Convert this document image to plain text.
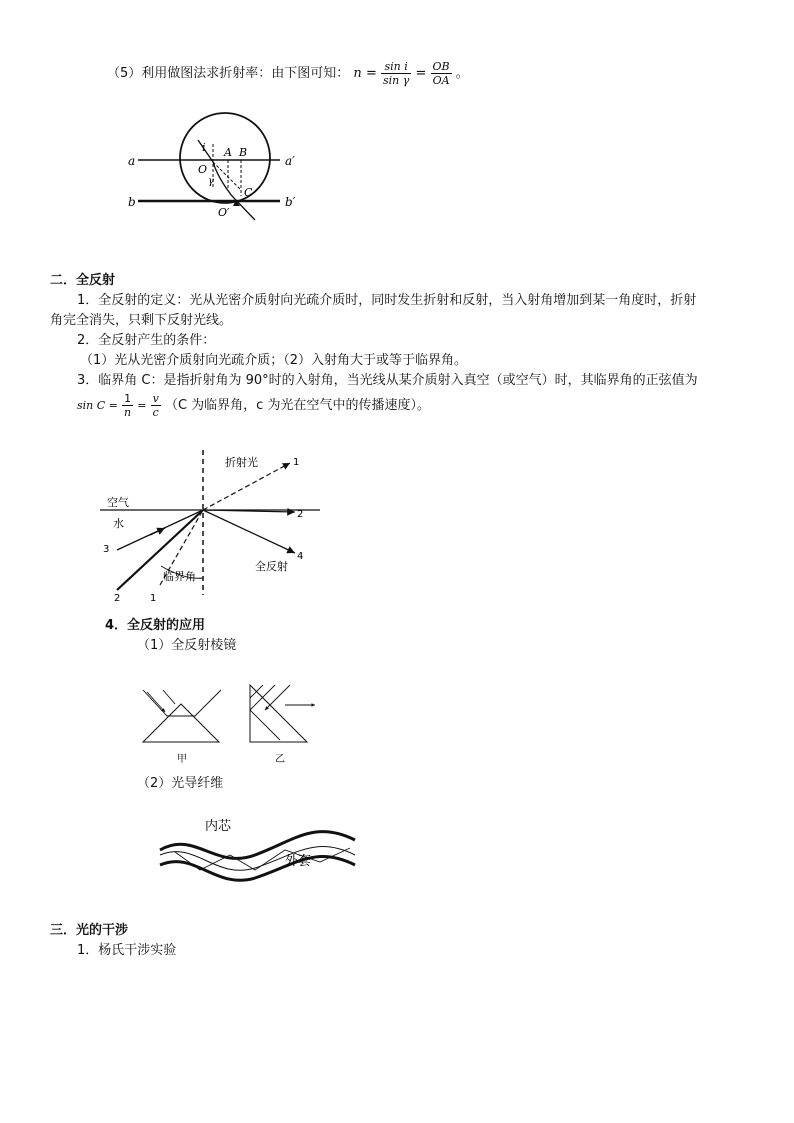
（5）利用做图法求折射率：由下图可知： $n = \frac{\text{sin i}}{\text{sin γ}} = \frac{OB}{OA}$ 。
a	a′
b	b′
i A B
O
γ
C
O′
二．全反射
1．全反射的定义：光从光密介质射向光疏介质时，同时发生折射和反射，当入射角增加到某一角度时，折射
角完全消失，只剩下反射光线。
2．全反射产生的条件：
（1）光从光密介质射向光疏介质；（2）入射角大于或等于临界角。
3．临界角 C：是指折射角为 90°时的入射角，当光线从某介质射入真空（或空气）时，其临界角的正弦值为
$\sin C = \frac{1}{n} = \frac{v}{c} (C$ 为临界角，c 为光在空气中的传播速度）。
折射光	1
空气
水
2
3
4
全反射
临界角
2	1
4．全反射的应用
（1）全反射棱镜
甲	乙
（2）光导纤维
内芯
外套
三．光的干涉
1．杨氏干涉实验
